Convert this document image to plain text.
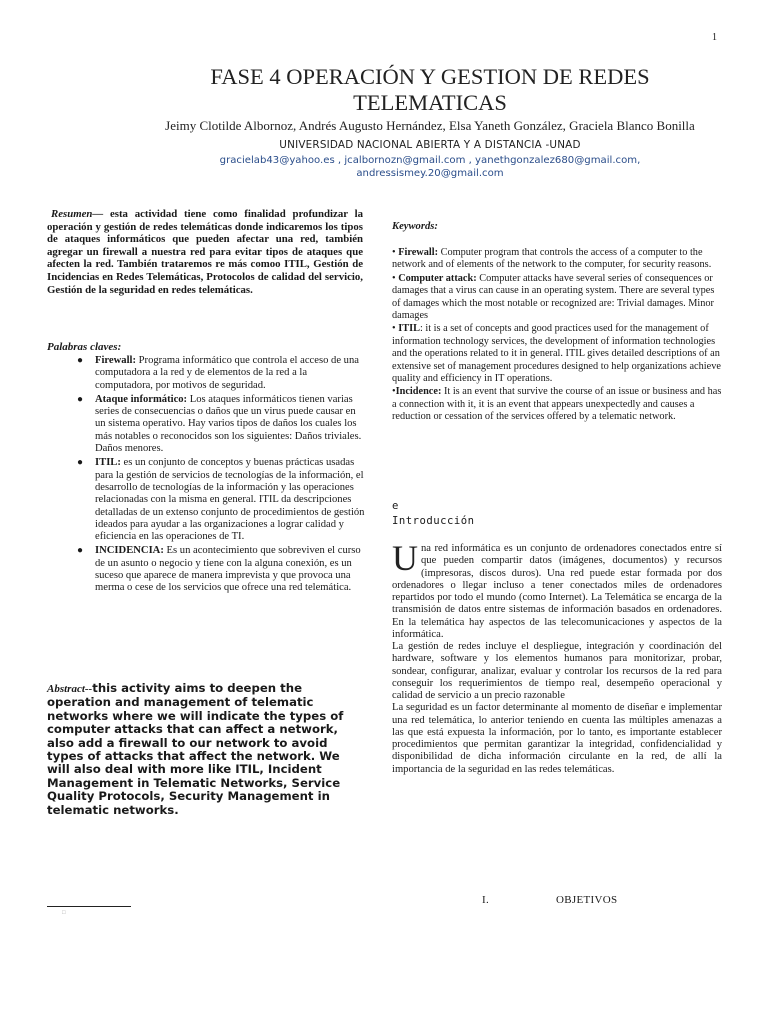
1
FASE 4 OPERACIÓN Y GESTION DE REDES TELEMATICAS
Jeimy Clotilde Albornoz, Andrés Augusto Hernández, Elsa Yaneth González, Graciela Blanco Bonilla
UNIVERSIDAD NACIONAL ABIERTA Y A DISTANCIA -UNAD
gracielab43@yahoo.es , jcalbornozn@gmail.com , yanethgonzalez680@gmail.com,
andressismey.20@gmail.com
Resumen— esta actividad tiene como finalidad profundizar la operación y gestión de redes telemáticas donde indicaremos los tipos de ataques informáticos que pueden afectar una red, también agregar un firewall a nuestra red para evitar tipos de ataques que afecten la red. También trataremos re más comoo ITIL, Gestión de Incidencias en Redes Telemáticas, Protocolos de calidad del servicio, Gestión de la seguridad en redes telemáticas.
Palabras claves:
● Firewall: Programa informático que controla el acceso de una computadora a la red y de elementos de la red a la computadora, por motivos de seguridad.
● Ataque informático: Los ataques informáticos tienen varias series de consecuencias o daños que un virus puede causar en un sistema operativo. Hay varios tipos de daños los cuales los más notables o reconocidos son los siguientes: Daños triviales. Daños menores.
● ITIL: es un conjunto de conceptos y buenas prácticas usadas para la gestión de servicios de tecnologías de la información, el desarrollo de tecnologías de la información y las operaciones relacionadas con la misma en general. ITIL da descripciones detalladas de un extenso conjunto de procedimientos de gestión ideados para ayudar a las organizaciones a lograr calidad y eficiencia en las operaciones de TI.
● INCIDENCIA: Es un acontecimiento que sobreviven el curso de un asunto o negocio y tiene con la alguna conexión, es un suceso que aparece de manera imprevista y que provoca una merma o cese de los servicios que ofrece una red telemática.
Abstract--this activity aims to deepen the operation and management of telematic networks where we will indicate the types of computer attacks that can affect a network, also add a firewall to our network to avoid types of attacks that affect the network. We will also deal with more like ITIL, Incident Management in Telematic Networks, Service Quality Protocols, Security Management in telematic networks.
□
Keywords:

• Firewall: Computer program that controls the access of a computer to the network and of elements of the network to the computer, for security reasons.

• Computer attack: Computer attacks have several series of consequences or damages that a virus can cause in an operating system. There are several types of damages which the most notable or recognized are: Trivial damages. Minor damages

• ITIL: it is a set of concepts and good practices used for the management of information technology services, the development of information technologies and the operations related to it in general. ITIL gives detailed descriptions of an extensive set of management procedures designed to help organizations achieve quality and efficiency in IT operations.

•Incidence: It is an event that survive the course of an issue or business and has a connection with it, it is an event that appears unexpectedly and causes a reduction or cessation of the services offered by a telematic network.

e
Introducción

Una red informática es un conjunto de ordenadores conectados entre sí que pueden compartir datos (imágenes, documentos) y recursos (impresoras, discos duros). Una red puede estar formada por dos ordenadores o llegar incluso a tener conectados miles de ordenadores repartidos por todo el mundo (como Internet). La Telemática se encarga de la transmisión de datos entre sistemas de información basados en ordenadores. En la telemática hay aspectos de las telecomunicaciones y aspectos de la informática.

La gestión de redes incluye el despliegue, integración y coordinación del hardware, software y los elementos humanos para monitorizar, probar, sondear, configurar, analizar, evaluar y controlar los recursos de la red para conseguir los requerimientos de tiempo real, desempeño operacional y calidad de servicio a un precio razonable

La seguridad es un factor determinante al momento de diseñar e implementar una red telemática, lo anterior teniendo en cuenta las múltiples amenazas a las que está expuesta la información, por lo tanto, es importante establecer procedimientos que permitan garantizar la integridad, confidencialidad y disponibilidad de dicha información circulante en la red, de allí la importancia de la seguridad en las redes telemáticas.

I.	OBJETIVOS
